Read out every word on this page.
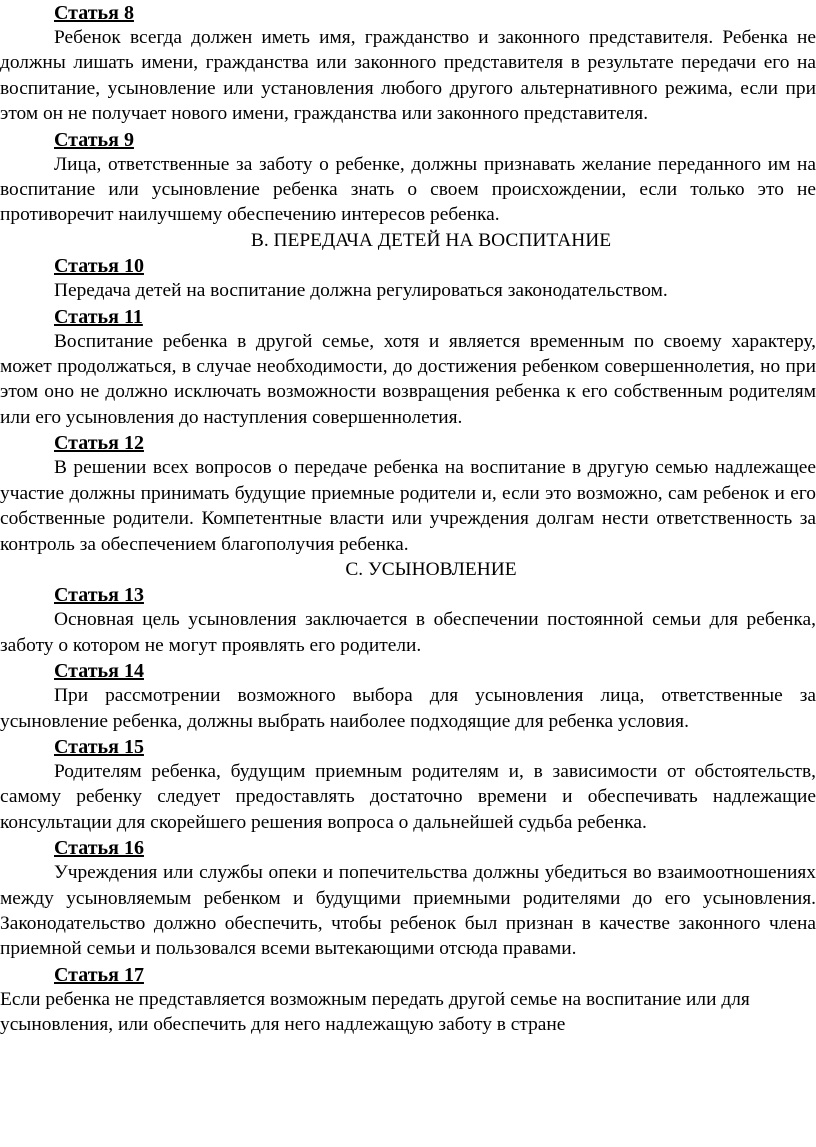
Статья 8

Ребенок всегда должен иметь имя, гражданство и законного представителя. Ребенка не должны лишать имени, гражданства или законного представителя в результате передачи его на воспитание, усыновление или установления любого другого альтернативного режима, если при этом он не получает нового имени, гражданства или законного представителя.

Статья 9

Лица, ответственные за заботу о ребенке, должны признавать желание переданного им на воспитание или усыновление ребенка знать о своем происхождении, если только это не противоречит наилучшему обеспечению интересов ребенка.

В. ПЕРЕДАЧА ДЕТЕЙ НА ВОСПИТАНИЕ

Статья 10

Передача детей на воспитание должна регулироваться законодательством.

Статья 11

Воспитание ребенка в другой семье, хотя и является временным по своему характеру, может продолжаться, в случае необходимости, до достижения ребенком совершеннолетия, но при этом оно не должно исключать возможности возвращения ребенка к его собственным родителям или его усыновления до наступления совершеннолетия.

Статья 12

В решении всех вопросов о передаче ребенка на воспитание в другую семью надлежащее участие должны принимать будущие приемные родители и, если это возможно, сам ребенок и его собственные родители. Компетентные власти или учреждения долгам нести ответственность за контроль за обеспечением благополучия ребенка.

С. УСЫНОВЛЕНИЕ

Статья 13

Основная цель усыновления заключается в обеспечении постоянной семьи для ребенка, заботу о котором не могут проявлять его родители.

Статья 14

При рассмотрении возможного выбора для усыновления лица, ответственные за усыновление ребенка, должны выбрать наиболее подходящие для ребенка условия.

Статья 15

Родителям ребенка, будущим приемным родителям и, в зависимости от обстоятельств, самому ребенку следует предоставлять достаточно времени и обеспечивать надлежащие консультации для скорейшего решения вопроса о дальнейшей судьба ребенка.

Статья 16

Учреждения или службы опеки и попечительства должны убедиться во взаимоотношениях между усыновляемым ребенком и будущими приемными родителями до его усыновления. Законодательство должно обеспечить, чтобы ребенок был признан в качестве законного члена приемной семьи и пользовался всеми вытекающими отсюда правами.

Статья 17

Если ребенка не представляется возможным передать другой семье на воспитание или для усыновления, или обеспечить для него надлежащую заботу в стране
